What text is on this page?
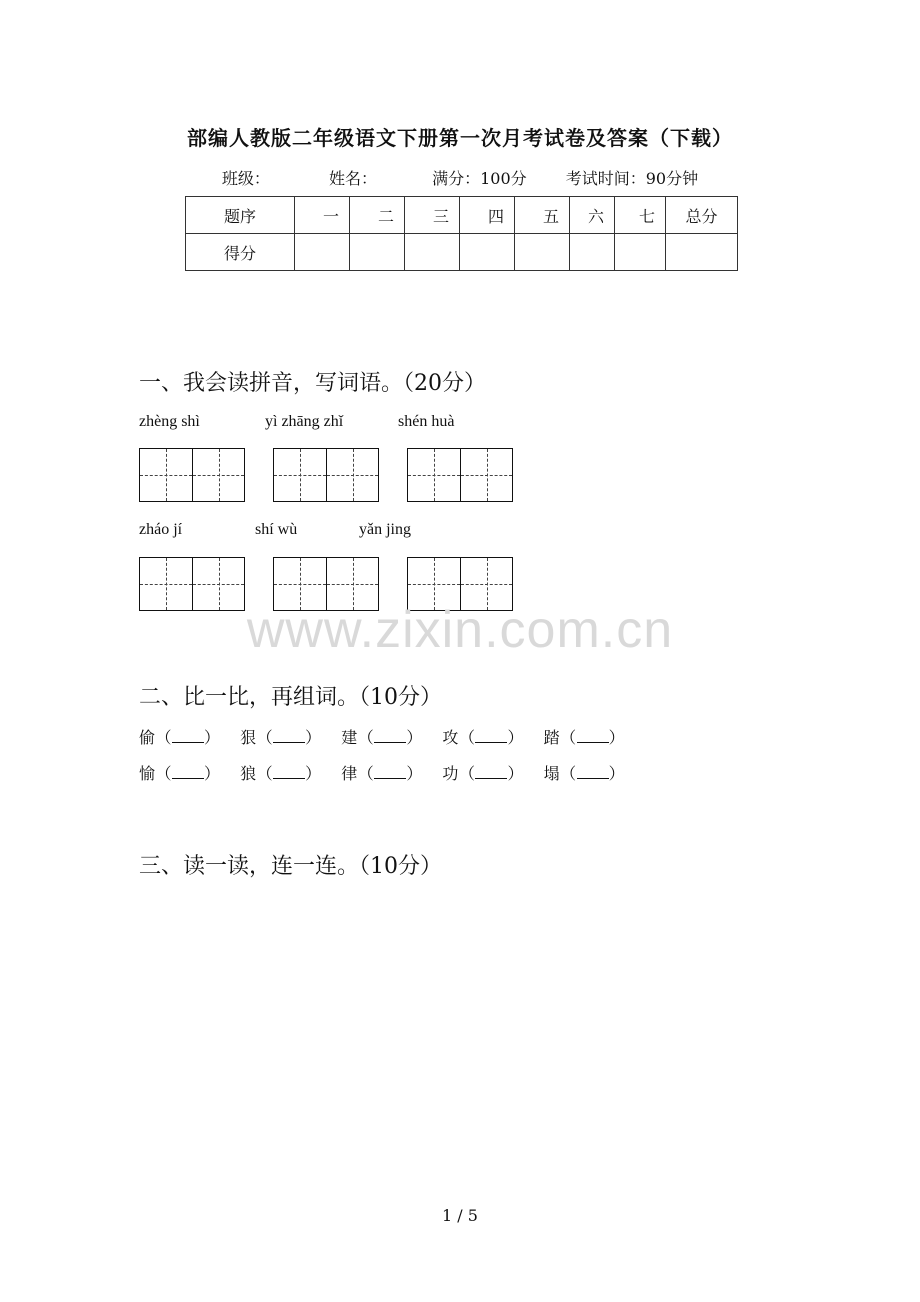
部编人教版二年级语文下册第一次月考试卷及答案（下载）
班级：	姓名：	满分：100分 考试时间：90分钟
题序	一	二	三	四	五	六	七	总分
得分								
一、我会读拼音，写词语。（20分）
zhèng shì	yì zhāng zhǐ	shén huà
zháo jí	shí wù	yǎn jing
www.zixin.com.cn
二、比一比，再组词。（10分）
偷（ ） 狠（ ） 建（ ） 攻（ ） 踏（ ）
愉（ ） 狼（ ） 律（ ） 功（ ） 塌（ ）
三、读一读，连一连。（10分）
1 / 5
